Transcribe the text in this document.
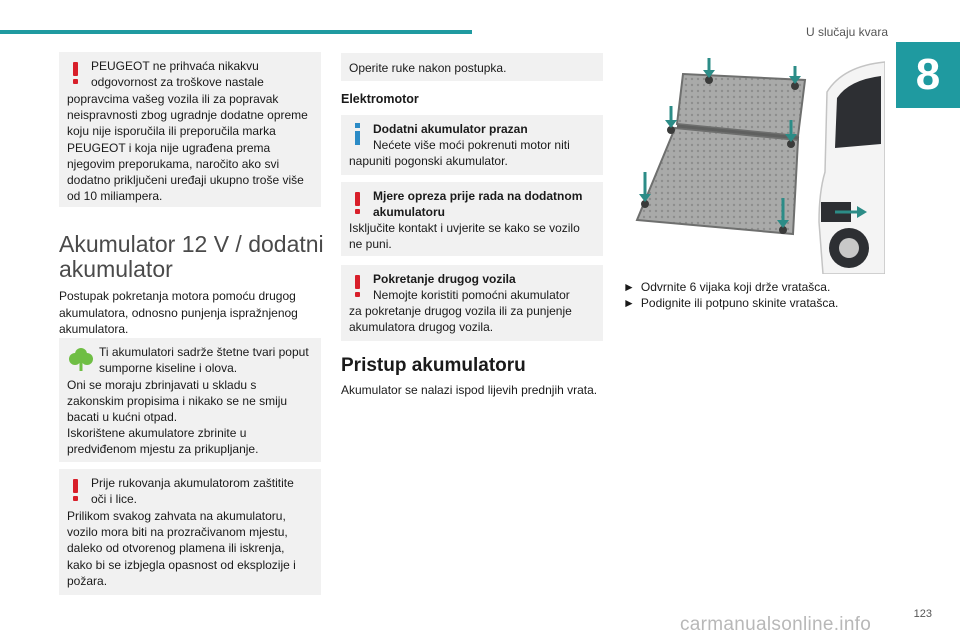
U slučaju kvara
8

PEUGEOT ne prihvaća nikakvu odgovornost za troškove nastale

popravcima vašeg vozila ili za popravak neispravnosti zbog ugradnje dodatne opreme koju nije isporučila ili preporučila marka PEUGEOT i koja nije ugrađena prema njegovim preporukama, naročito ako svi dodatno priključeni uređaji ukupno troše više od 10 miliampera.

Akumulator 12 V / dodatni akumulator
Postupak pokretanja motora pomoću drugog akumulatora, odnosno punjenja ispražnjenog akumulatora.

Ti akumulatori sadrže štetne tvari poput sumporne kiseline i olova.

Oni se moraju zbrinjavati u skladu s zakonskim propisima i nikako se ne smiju bacati u kućni otpad.

Iskorištene akumulatore zbrinite u predviđenom mjestu za prikupljanje.

Prije rukovanja akumulatorom zaštitite oči i lice.

Prilikom svakog zahvata na akumulatoru, vozilo mora biti na prozračivanom mjestu, daleko od otvorenog plamena ili iskrenja, kako bi se izbjegla opasnost od eksplozije i požara.

Operite ruke nakon postupka.

Elektromotor

Dodatni akumulator prazan

Nećete više moći pokrenuti motor niti

napuniti pogonski akumulator.

Mjere opreza prije rada na dodatnom akumulatoru

Isključite kontakt i uvjerite se kako se vozilo ne puni.

Pokretanje drugog vozila

Nemojte koristiti pomoćni akumulator

za pokretanje drugog vozila ili za punjenje akumulatora drugog vozila.

Pristup akumulatoru
Akumulator se nalazi ispod lijevih prednjih vrata.
► Odvrnite 6 vijaka koji drže vratašca.
► Podignite ili potpuno skinite vratašca.
123
carmanualsonline.info
